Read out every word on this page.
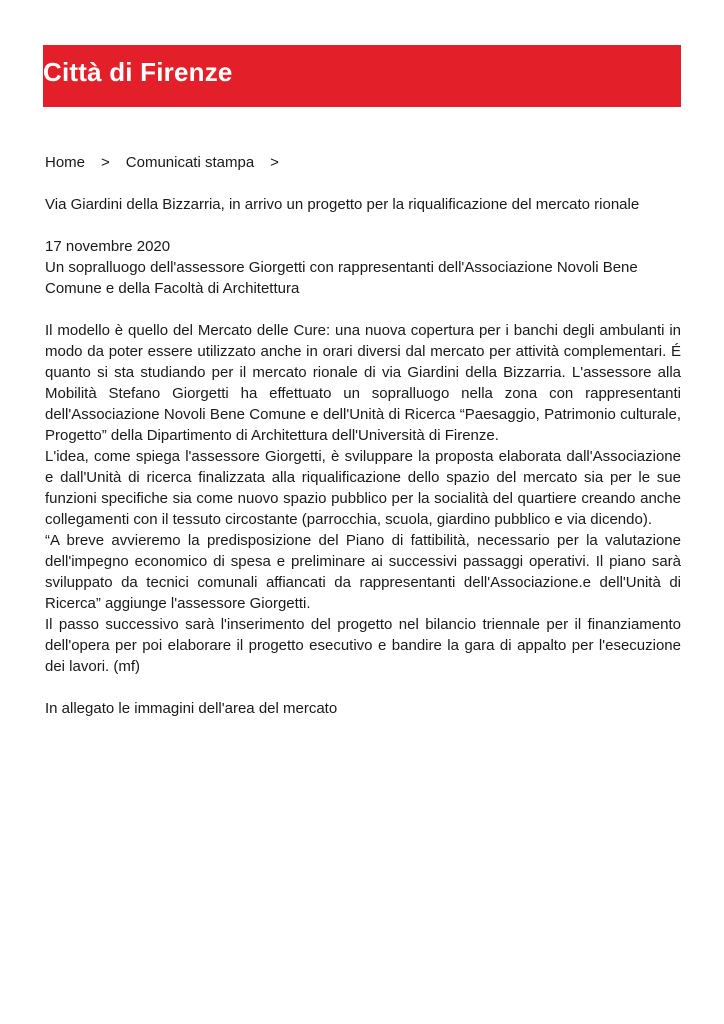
Città di Firenze
Home > Comunicati stampa >
Via Giardini della Bizzarria, in arrivo un progetto per la riqualificazione del mercato rionale

17 novembre 2020

Un sopralluogo dell'assessore Giorgetti con rappresentanti dell'Associazione Novoli Bene Comune e della Facoltà di Architettura

Il modello è quello del Mercato delle Cure: una nuova copertura per i banchi degli ambulanti in modo da poter essere utilizzato anche in orari diversi dal mercato per attività complementari. É quanto si sta studiando per il mercato rionale di via Giardini della Bizzarria. L'assessore alla Mobilità Stefano Giorgetti ha effettuato un sopralluogo nella zona con rappresentanti dell'Associazione Novoli Bene Comune e dell'Unità di Ricerca “Paesaggio, Patrimonio culturale, Progetto” della Dipartimento di Architettura dell'Università di Firenze.

L'idea, come spiega l'assessore Giorgetti, è sviluppare la proposta elaborata dall'Associazione e dall'Unità di ricerca finalizzata alla riqualificazione dello spazio del mercato sia per le sue funzioni specifiche sia come nuovo spazio pubblico per la socialità del quartiere creando anche collegamenti con il tessuto circostante (parrocchia, scuola, giardino pubblico e via dicendo).

“A breve avvieremo la predisposizione del Piano di fattibilità, necessario per la valutazione dell'impegno economico di spesa e preliminare ai successivi passaggi operativi. Il piano sarà sviluppato da tecnici comunali affiancati da rappresentanti dell'Associazione.e dell'Unità di Ricerca” aggiunge l'assessore Giorgetti.

Il passo successivo sarà l'inserimento del progetto nel bilancio triennale per il finanziamento dell'opera per poi elaborare il progetto esecutivo e bandire la gara di appalto per l'esecuzione dei lavori. (mf)

In allegato le immagini dell'area del mercato
